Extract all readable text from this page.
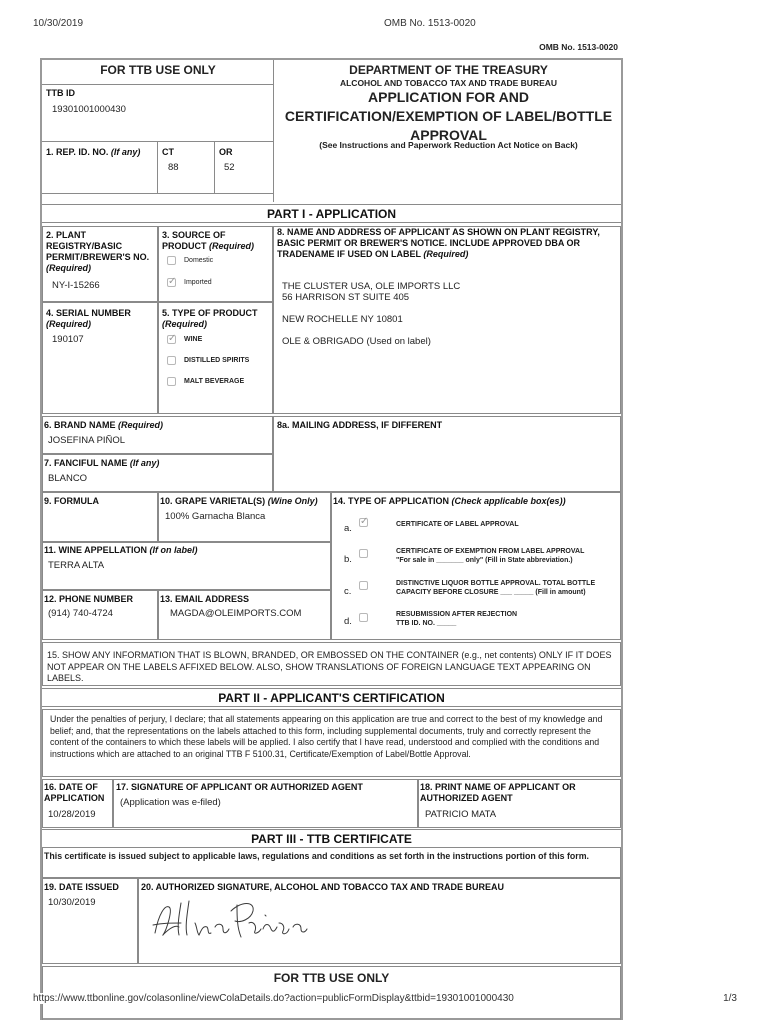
10/30/2019	OMB No. 1513-0020
OMB No. 1513-0020
FOR TTB USE ONLY
TTB ID
19301001000430
1. REP. ID. NO. (If any) CT
88
OR
52
DEPARTMENT OF THE TREASURY
ALCOHOL AND TOBACCO TAX AND TRADE BUREAU
APPLICATION FOR AND
CERTIFICATION/EXEMPTION OF LABEL/BOTTLE
APPROVAL
(See Instructions and Paperwork Reduction Act Notice on Back)
PART I - APPLICATION
2. PLANT REGISTRY/BASIC PERMIT/BREWER'S NO. (Required)
NY-I-15266
3. SOURCE OF PRODUCT (Required)
Domestic
✓
Imported
8. NAME AND ADDRESS OF APPLICANT AS SHOWN ON PLANT REGISTRY, BASIC PERMIT OR BREWER'S NOTICE. INCLUDE APPROVED DBA OR TRADENAME IF USED ON LABEL (Required)
THE CLUSTER USA, OLE IMPORTS LLC
56 HARRISON ST SUITE 405
NEW ROCHELLE NY 10801
OLE & OBRIGADO (Used on label)
4. SERIAL NUMBER
(Required)
190107
5. TYPE OF PRODUCT
(Required)
✓
WINE
DISTILLED SPIRITS
MALT BEVERAGE
6. BRAND NAME (Required)
JOSEFINA PIÑOL
8a. MAILING ADDRESS, IF DIFFERENT
7. FANCIFUL NAME (If any)
BLANCO
9. FORMULA	10. GRAPE VARIETAL(S) (Wine Only)
100% Garnacha Blanca
14. TYPE OF APPLICATION (Check applicable box(es))
a.
✓	CERTIFICATE OF LABEL APPROVAL
b.
CERTIFICATE OF EXEMPTION FROM LABEL APPROVAL
"For sale in _______ only" (Fill in State abbreviation.)
c.
DISTINCTIVE LIQUOR BOTTLE APPROVAL. TOTAL BOTTLE
CAPACITY BEFORE CLOSURE ___ _____ (Fill in amount)
d.
RESUBMISSION AFTER REJECTION
TTB ID. NO. _____
11. WINE APPELLATION (If on label)
TERRA ALTA
12. PHONE NUMBER
(914) 740-4724
13. EMAIL ADDRESS
MAGDA@OLEIMPORTS.COM
15. SHOW ANY INFORMATION THAT IS BLOWN, BRANDED, OR EMBOSSED ON THE CONTAINER (e.g., net contents) ONLY IF IT DOES NOT APPEAR ON THE LABELS AFFIXED BELOW. ALSO, SHOW TRANSLATIONS OF FOREIGN LANGUAGE TEXT APPEARING ON LABELS.
PART II - APPLICANT'S CERTIFICATION
Under the penalties of perjury, I declare; that all statements appearing on this application are true and correct to the best of my knowledge and belief; and, that the representations on the labels attached to this form, including supplemental documents, truly and correctly represent the content of the containers to which these labels will be applied. I also certify that I have read, understood and complied with the conditions and instructions which are attached to an original TTB F 5100.31, Certificate/Exemption of Label/Bottle Approval.
16. DATE OF APPLICATION
10/28/2019
17. SIGNATURE OF APPLICANT OR AUTHORIZED AGENT
(Application was e-filed)
18. PRINT NAME OF APPLICANT OR AUTHORIZED AGENT
PATRICIO MATA
PART III - TTB CERTIFICATE
This certificate is issued subject to applicable laws, regulations and conditions as set forth in the instructions portion of this form.
19. DATE ISSUED
10/30/2019
20. AUTHORIZED SIGNATURE, ALCOHOL AND TOBACCO TAX AND TRADE BUREAU
FOR TTB USE ONLY
https://www.ttbonline.gov/colasonline/viewColaDetails.do?action=publicFormDisplay&ttbid=19301001000430	1/3
